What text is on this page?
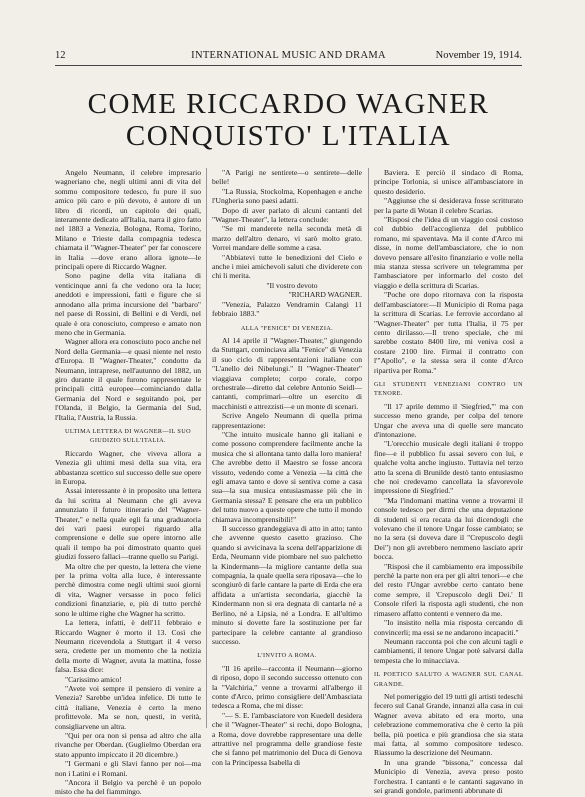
12	INTERNATIONAL MUSIC AND DRAMA	November 19, 1914.
COME RICCARDO WAGNER
CONQUISTO' L'ITALIA

Angelo Neumann, il celebre impresario wagneriano che, negli ultimi anni di vita del sommo compositore tedesco, fu pure il suo amico più caro e più devoto, è autore di un libro di ricordi, un capitolo dei quali, interamente dedicato all'Italia, narra il giro fatto nel 1883 a Venezia, Bologna, Roma, Torino, Milano e Trieste dalla compagnia tedesca chiamata il "Wagner-Theater" per far conoscere in Italia —dove erano allora ignote—le principali opere di Riccardo Wagner.

Sono pagine della vita italiana di venticinque anni fa che vedono ora la luce; aneddoti e impressioni, fatti e figure che si annodano alla prima incursione del "barbaro" nel paese di Rossini, di Bellini e di Verdi, nel quale è ora conosciuto, compreso e amato non meno che in Germania.

Wagner allora era conosciuto poco anche nel Nord della Germania—e quasi niente nel resto d'Europa. Il "Wagner-Theater," condotto da Neumann, intraprese, nell'autunno del 1882, un giro durante il quale furono rappresentate le principali città europee—cominciando dalla Germania del Nord e seguitando poi, per l'Olanda, il Belgio, la Germania del Sud, l'Italia, l'Austria, la Russia.

ULTIMA LETTERA DI WAGNER—IL SUO GIUDIZIO SULL'ITALIA.

Riccardo Wagner, che viveva allora a Venezia gli ultimi mesi della sua vita, era abbastanza scettico sul successo delle sue opere in Europa.

Assai interessante è in proposito una lettera da lui scritta al Neumann che gli aveva annunziato il futuro itinerario del "Wagner-Theater," e nella quale egli fa una graduatoria dei vari paesi europei riguardo alla comprensione e delle sue opere intorno alle quali il tempo ha poi dimostrato quanto quei giudizi fossero fallaci—tranne quello su Parigi.

Ma oltre che per questo, la lettera che viene per la prima volta alla luce, è interessante perchè dimostra come negli ultimi suoi giorni di vita, Wagner versasse in poco felici condizioni finanziarie, e, più di tutto perchè sono le ultime righe che Wagner ha scritto.

La lettera, infatti, è dell'11 febbraio e Riccardo Wagner è morto il 13. Così che Neumann ricevendola a Stuttgart il 4 verso sera, credette per un momento che la notizia della morte di Wagner, avuta la mattina, fosse falsa. Essa dice:

"Carissimo amico!

"Avete voi sempre il pensiero di venire a Venezia? Sarebbe un'idea infelice. Di tutte le città italiane, Venezia è certo la meno profittevole. Ma se non, questi, in verità, consigliarvene un altra.

"Qui per ora non si pensa ad altro che alla rivanche per Oberdan. (Guglielmo Oberdan era stato appunto impiccato il 20 dicembre.)

"I Germani e gli Slavi fanno per noi—ma non i Latini e i Romani.

"Ancora il Belgio va perchè è un popolo misto che ha del fiammingo.

"A Parigi ne sentirete—o sentirete—delle belle!

"La Russia, Stockolma, Kopenhagen e anche l'Ungheria sono paesi adatti.

Dopo di aver parlato di alcuni cantanti del "Wagner-Theater", la lettera conclude:

"Se mi manderete nella seconda metà di marzo dell'altro denaro, vi sarò molto grato. Vorrei mandare delle somme a casa.

"Abbiatevi tutte le benedizioni del Cielo e anche i miei amichevoli saluti che dividerete con chi li merita.

"Il vostro devoto

"RICHARD WAGNER.

"Venezia, Palazzo Vendramin Calangi 11 febbraio 1883."

ALLA "FENICE" DI VENEZIA.

Al 14 aprile il "Wagner-Theater," giungendo da Stuttgart, cominciava alla "Fenice" di Venezia il suo ciclo di rappresentazioni italiane con "L'anello dei Nibelungi." Il "Wagner-Theater" viaggiava completo; corpo corale, corpo orchestrale—diretto dal celebre Antonio Seidl—cantanti, comprimari—oltre un esercito di macchinisti e attrezzisti—e un monte di scenari.

Scrive Angelo Neumann di quella prima rappresentazione:

"Che intuito musicale hanno gli italiani e come possono comprendere facilmente anche la musica che si allontana tanto dalla loro maniera! Che avrebbe detto il Maestro se fosse ancora vissuto, vedendo come a Venezia —la città che egli amava tanto e dove si sentiva come a casa sua—la sua musica entusiasmasse più che in Germania stessa? E pensare che era un pubblico del tutto nuovo a queste opere che tutto il mondo chiamava incomprensibili!"

Il successo grandeggiava di atto in atto; tanto che avvenne questo casetto grazioso. Che quando si avvicinava la scena dell'apparizione di Erda, Neumann vide piombare nel suo palchetto la Kindermann—la migliore cantante della sua compagnia, la quale quella sera riposava—che lo scongiurò di farle cantare la parte di Erda che era affidata a un'artista secondaria, giacchè la Kindermann non si era degnata di cantarla né a Berlino, né a Lipsia, né a Londra. E all'ultimo minuto si dovette fare la sostituzione per far partecipare la celebre cantante al grandioso successo.

L'INVITO A ROMA.

"Il 16 aprile—racconta il Neumann—giorno di riposo, dopo il secondo successo ottenuto con la "Valchiria," venne a trovarmi all'albergo il conte d'Arco, primo consigliere dell'Ambasciata tedesca a Roma, che mi disse:

"— S. E. l'ambasciatore von Kuedell desidera che il "Wagner-Theater" si rechi, dopo Bologna, a Roma, dove dovrebbe rappresentare una delle attrattive nel programma delle grandiose feste che si fanno pel matrimonio del Duca di Genova con la Principessa Isabella di

Baviera. E perciò il sindaco di Roma, principe Torlonia, si unisce all'ambasciatore in questo desiderio.

"Aggiunse che si desiderava fosse scritturato per la parte di Wotan il celebre Scarias.

"Risposi che l'idea di un viaggio così costoso col dubbio dell'accoglienza del pubblico romano, mi spaventava. Ma il conte d'Arco mi disse, in nome dell'ambasciatore, che io non dovevo pensare all'esito finanziario e volle nella mia stanza stessa scrivere un telegramma per l'ambasciatore per informarlo del costo del viaggio e della scrittura di Scarias.

"Poche ore dopo ritornava con la risposta dell'ambasciatore:—Il Municipio di Roma paga la scrittura di Scarias. Le ferrovie accordano al "Wagner-Theater" per tutta l'Italia, il 75 per cento dirilasso.—Il treno speciale, che mi sarebbe costato 8400 lire, mi veniva così a costare 2100 lire. Firmai il contratto con l'"Apollo", e la stessa sera il conte d'Arco ripartiva per Roma."

GLI STUDENTI VENEZIANI CONTRO UN TENORE.

"Il 17 aprile demmo il 'Siegfried,'" ma con successo meno grande, per colpa del tenore Ungar che aveva una di quelle sere mancato d'intonazione.

"L'orecchio musicale degli italiani è troppo fine—e il pubblico fu assai severo con lui, e qualche volta anche ingiusto. Tuttavia nel terzo atto la scena di Brunilde destò tanto entusiasmo che noi credevamo cancellata la sfavorevole impressione di Siegfried."

"Ma l'indomani mattina venne a trovarmi il console tedesco per dirmi che una deputazione di studenti si era recata da lui dicendogli che volevano che il tenore Ungar fosse cambiato; se no la sera (si doveva dare il "Crepuscolo degli Dei") non gli avrebbero nemmeno lasciato aprir bocca.

"Risposi che il cambiamento era impossibile perchè la parte non era per gli altri tenori—e che del resto l'Ungar avrebbe certo cantato bene come sempre, il 'Crepuscolo degli Dei.' Il Console riferì la risposta agli studenti, che non rimasero affatto contenti e vennero da me.

"Io insistito nella mia risposta cercando di convincerli; ma essi se ne andarono incapaciti."

Neumann racconta poi che con alcuni tagli e cambiamenti, il tenore Ungar potè salvarsi dalla tempesta che lo minacciava.

IL POETICO SALUTO A WAGNER SUL CANAL GRANDE.

Nel pomeriggio del 19 tutti gli artisti tedeschi fecero sul Canal Grande, innanzi alla casa in cui Wagner aveva abitato ed era morto, una celebrazione commemorativa che è certo la più bella, più poetica e più grandiosa che sia stata mai fatta, al sommo compositore tedesco. Riassumo la descrizione del Neumann.

In una grande "bissona," concessa dal Municipio di Venezia, aveva preso posto l'orchestra. I cantanti e le cantanti sagavano in sei grandi gondole, parimenti abbrunate di
